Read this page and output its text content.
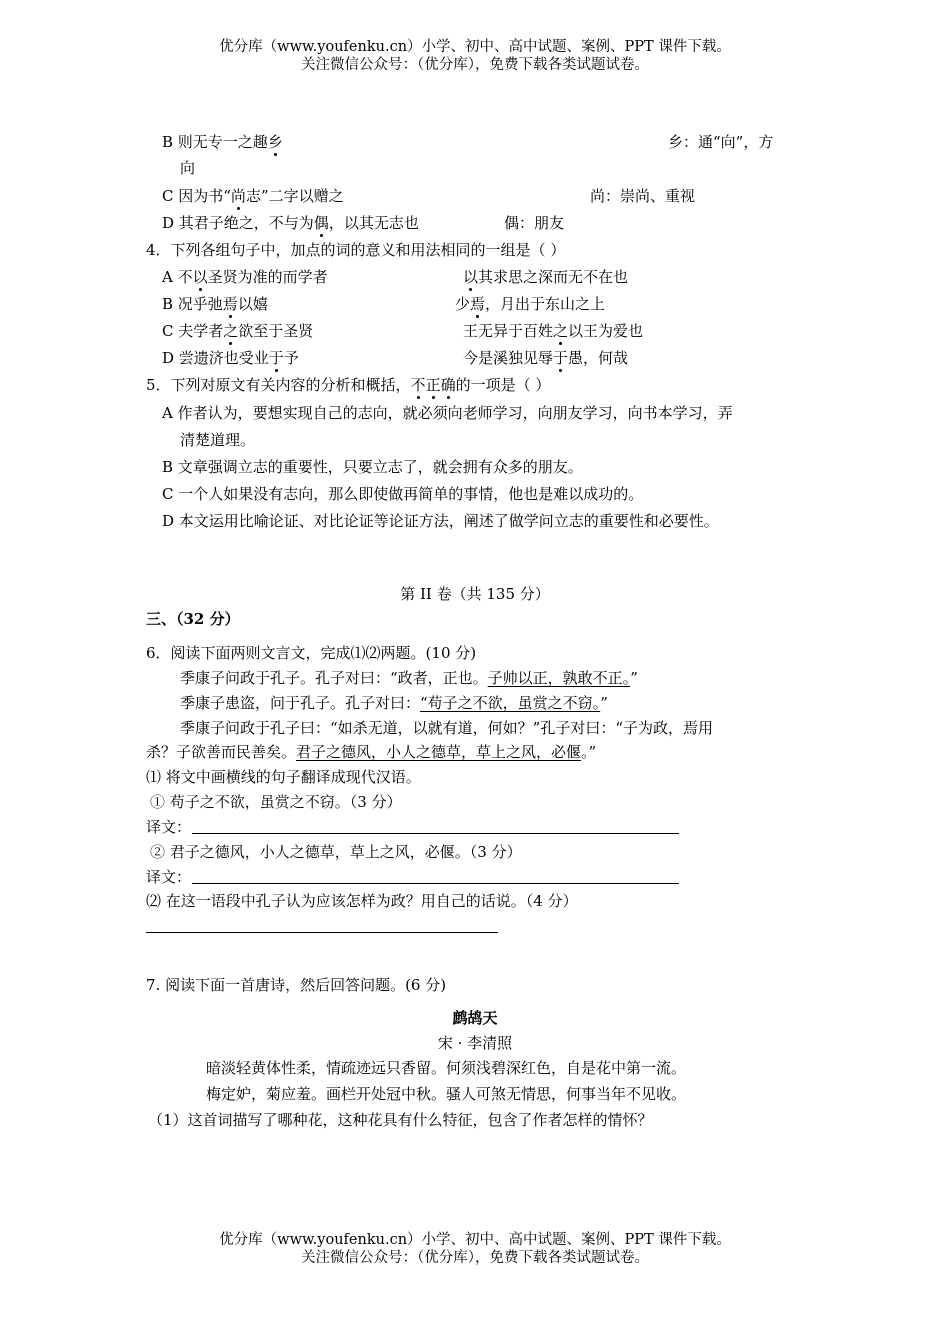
优分库（www.youfenku.cn）小学、初中、高中试题、案例、PPT 课件下载。
关注微信公众号：（优分库），免费下载各类试题试卷。
B 则无专一之趣乡	乡：通“向”，方
向
C 因为书“尚志”二字以赠之	尚：崇尚、重视
D 其君子绝之，不与为偶，以其无志也	偶：朋友
4．下列各组句子中，加点的词的意义和用法相同的一组是（ ）
A 不以圣贤为准的而学者	以其求思之深而无不在也
B 况乎弛焉以嬉	少焉，月出于东山之上
C 夫学者之欲至于圣贤	王无异于百姓之以王为爱也
D 尝遗济也受业于予	今是溪独见辱于愚，何哉
5．下列对原文有关内容的分析和概括，不正确的一项是（ ）
A 作者认为，要想实现自己的志向，就必须向老师学习，向朋友学习，向书本学习，弄
清楚道理。
B 文章强调立志的重要性，只要立志了，就会拥有众多的朋友。
C 一个人如果没有志向，那么即使做再简单的事情，他也是难以成功的。
D 本文运用比喻论证、对比论证等论证方法，阐述了做学问立志的重要性和必要性。
第 II 卷（共 135 分）
三、（32 分）
6．阅读下面两则文言文，完成⑴⑵两题。(10 分)
季康子问政于孔子。孔子对曰：“政者，正也。子帅以正，孰敢不正。”
季康子患盗，问于孔子。孔子对曰：“苟子之不欲，虽赏之不窃。”
季康子问政于孔子曰：“如杀无道，以就有道，何如？”孔子对曰：“子为政，焉用
杀？子欲善而民善矣。君子之德风，小人之德草，草上之风，必偃。”
⑴ 将文中画横线的句子翻译成现代汉语。
① 苟子之不欲，虽赏之不窃。（3 分）
译文：
② 君子之德风，小人之德草，草上之风，必偃。（3 分）
译文：
⑵ 在这一语段中孔子认为应该怎样为政？用自己的话说。（4 分）
7. 阅读下面一首唐诗，然后回答问题。(6 分)
鹧鸪天
宋 · 李清照
暗淡轻黄体性柔，情疏迹远只香留。何须浅碧深红色，自是花中第一流。
梅定妒，菊应羞。画栏开处冠中秋。骚人可煞无情思，何事当年不见收。
（1）这首词描写了哪种花，这种花具有什么特征，包含了作者怎样的情怀？
优分库（www.youfenku.cn）小学、初中、高中试题、案例、PPT 课件下载。
关注微信公众号：（优分库），免费下载各类试题试卷。
